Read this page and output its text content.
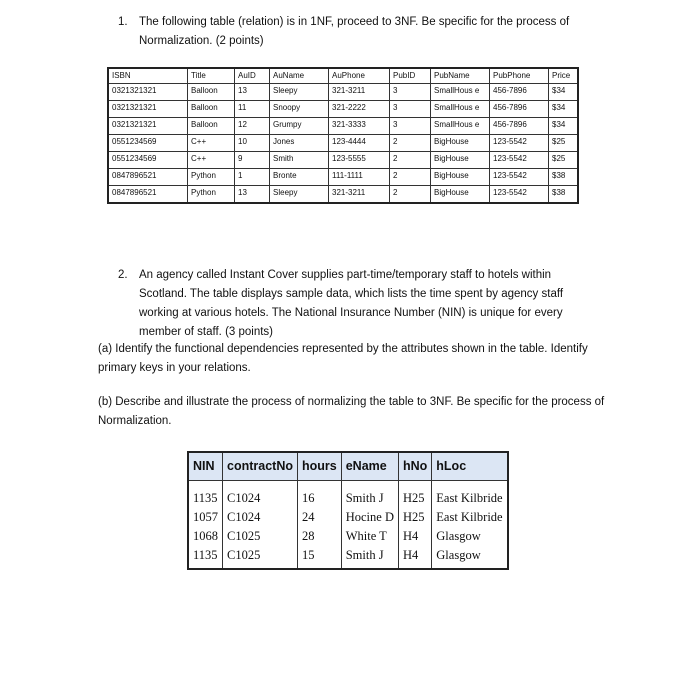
1. The following table (relation) is in 1NF, proceed to 3NF. Be specific for the process of Normalization. (2 points)
ISBN	Title	AuID	AuName	AuPhone	PubID	PubName	PubPhone	Price
0321321321	Balloon	13	Sleepy	321-3211	3	SmallHous e	456-7896	$34
0321321321	Balloon	11	Snoopy	321-2222	3	SmallHous e	456-7896	$34
0321321321	Balloon	12	Grumpy	321-3333	3	SmallHous e	456-7896	$34
0551234569	C++	10	Jones	123-4444	2	BigHouse	123-5542	$25
0551234569	C++	9	Smith	123-5555	2	BigHouse	123-5542	$25
0847896521	Python	1	Bronte	111-1111	2	BigHouse	123-5542	$38
0847896521	Python	13	Sleepy	321-3211	2	BigHouse	123-5542	$38
2. An agency called Instant Cover supplies part-time/temporary staff to hotels within Scotland. The table displays sample data, which lists the time spent by agency staff working at various hotels. The National Insurance Number (NIN) is unique for every member of staff. (3 points)
(a) Identify the functional dependencies represented by the attributes shown in the table. Identify primary keys in your relations.
(b) Describe and illustrate the process of normalizing the table to 3NF. Be specific for the process of Normalization.
NIN	contractNo	hours	eName	hNo	hLoc

1135	C1024	16	Smith J	H25	East Kilbride
1057	C1024	24	Hocine D	H25	East Kilbride
1068	C1025	28	White T	H4	Glasgow
1135	C1025	15	Smith J	H4	Glasgow
